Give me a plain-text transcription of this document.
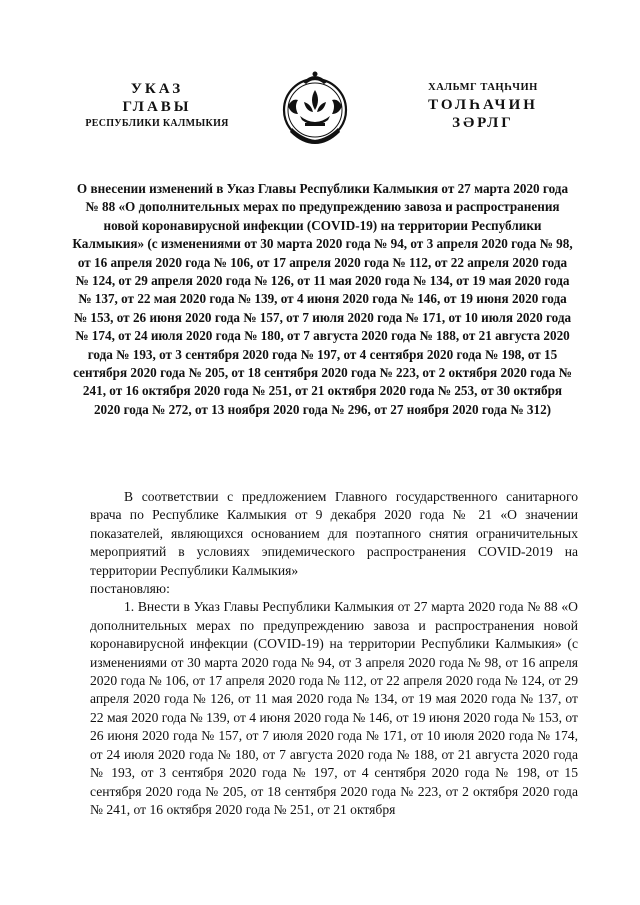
УКАЗ
ГЛАВЫ
РЕСПУБЛИКИ КАЛМЫКИЯ
ХАЛЬМГ ТАҢҺЧИН
ТОЛҺАЧИН
ЗӘРЛГ
О внесении изменений в Указ Главы Республики Калмыкия от 27 марта 2020 года № 88 «О дополнительных мерах по предупреждению завоза и распространения новой коронавирусной инфекции (COVID-19) на территории Республики Калмыкия» (с изменениями от 30 марта 2020 года № 94, от 3 апреля 2020 года № 98, от 16 апреля 2020 года № 106, от 17 апреля 2020 года № 112, от 22 апреля 2020 года № 124, от 29 апреля 2020 года № 126, от 11 мая 2020 года № 134, от 19 мая 2020 года № 137, от 22 мая 2020 года № 139, от 4 июня 2020 года № 146, от 19 июня 2020 года № 153, от 26 июня 2020 года № 157, от 7 июля 2020 года № 171, от 10 июля 2020 года № 174, от 24 июля 2020 года № 180, от 7 августа 2020 года № 188, от 21 августа 2020 года № 193, от 3 сентября 2020 года № 197, от 4 сентября 2020 года № 198, от 15 сентября 2020 года № 205, от 18 сентября 2020 года № 223, от 2 октября 2020 года № 241, от 16 октября 2020 года № 251, от 21 октября 2020 года № 253, от 30 октября 2020 года № 272, от 13 ноября 2020 года № 296, от 27 ноября 2020 года № 312)

В соответствии с предложением Главного государственного санитарного врача по Республике Калмыкия от 9 декабря 2020 года № 21 «О значении показателей, являющихся основанием для поэтапного снятия ограничительных мероприятий в условиях эпидемического распространения COVID-2019 на территории Республики Калмыкия»

постановляю:

1. Внести в Указ Главы Республики Калмыкия от 27 марта 2020 года № 88 «О дополнительных мерах по предупреждению завоза и распространения новой коронавирусной инфекции (COVID-19) на территории Республики Калмыкия» (с изменениями от 30 марта 2020 года № 94, от 3 апреля 2020 года № 98, от 16 апреля 2020 года № 106, от 17 апреля 2020 года № 112, от 22 апреля 2020 года № 124, от 29 апреля 2020 года № 126, от 11 мая 2020 года № 134, от 19 мая 2020 года № 137, от 22 мая 2020 года № 139, от 4 июня 2020 года № 146, от 19 июня 2020 года № 153, от 26 июня 2020 года № 157, от 7 июля 2020 года № 171, от 10 июля 2020 года № 174, от 24 июля 2020 года № 180, от 7 августа 2020 года № 188, от 21 августа 2020 года № 193, от 3 сентября 2020 года № 197, от 4 сентября 2020 года № 198, от 15 сентября 2020 года № 205, от 18 сентября 2020 года № 223, от 2 октября 2020 года № 241, от 16 октября 2020 года № 251, от 21 октября
